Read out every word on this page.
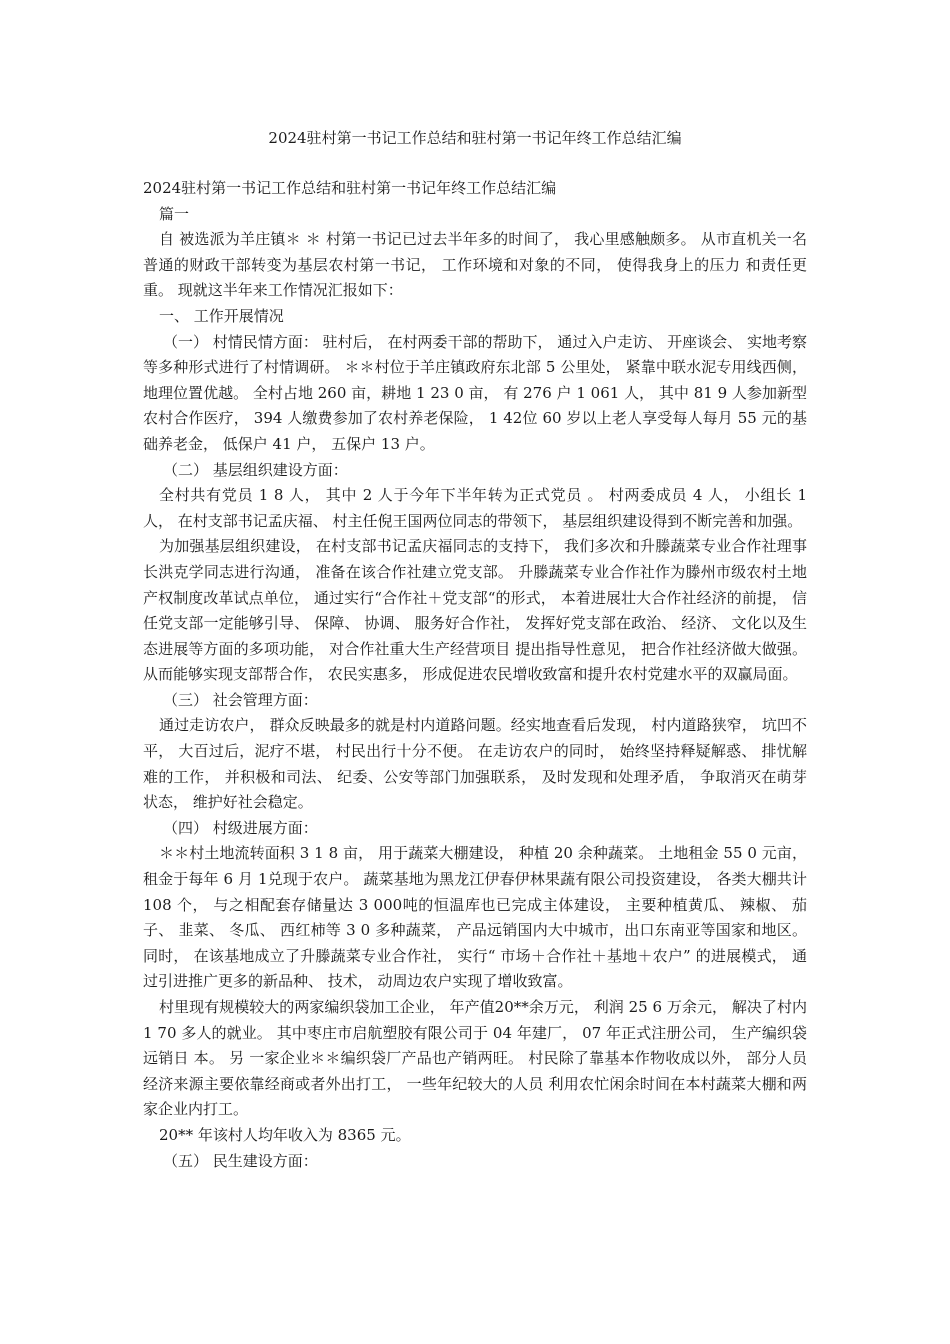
2024驻村第一书记工作总结和驻村第一书记年终工作总结汇编

2024驻村第一书记工作总结和驻村第一书记年终工作总结汇编

篇一

自 被选派为羊庄镇＊ ＊ 村第一书记已过去半年多的时间了， 我心里感触颇多。 从市直机关一名普通的财政干部转变为基层农村第一书记， 工作环境和对象的不同， 使得我身上的压力 和责任更重。 现就这半年来工作情况汇报如下：

一、 工作开展情况

（一） 村情民情方面： 驻村后， 在村两委干部的帮助下， 通过入户走访、 开座谈会、 实地考察等多种形式进行了村情调研。 ＊＊村位于羊庄镇政府东北部 5 公里处， 紧靠中联水泥专用线西侧， 地理位置优越。 全村占地 260 亩，耕地 1 23 0 亩， 有 276 户 1 061 人， 其中 81 9 人参加新型农村合作医疗， 394 人缴费参加了农村养老保险， 1 42位 60 岁以上老人享受每人每月 55 元的基础养老金， 低保户 41 户， 五保户 13 户。

（二） 基层组织建设方面：

全村共有党员 1 8 人， 其中 2 人于今年下半年转为正式党员 。 村两委成员 4 人， 小组长 1 人， 在村支部书记孟庆福、 村主任倪王国两位同志的带领下， 基层组织建设得到不断完善和加强。

为加强基层组织建设， 在村支部书记孟庆福同志的支持下， 我们多次和升滕蔬菜专业合作社理事长洪克学同志进行沟通， 准备在该合作社建立党支部。 升滕蔬菜专业合作社作为滕州市级农村土地产权制度改革试点单位， 通过实行“合作社＋党支部“的形式， 本着进展壮大合作社经济的前提， 信任党支部一定能够引导、 保障、 协调、 服务好合作社， 发挥好党支部在政治、 经济、 文化以及生态进展等方面的多项功能， 对合作社重大生产经营项目 提出指导性意见， 把合作社经济做大做强。 从而能够实现支部帮合作， 农民实惠多， 形成促进农民增收致富和提升农村党建水平的双赢局面。

（三） 社会管理方面：

通过走访农户， 群众反映最多的就是村内道路问题。经实地查看后发现， 村内道路狭窄， 坑凹不平， 大百过后，泥疗不堪， 村民出行十分不便。 在走访农户的同时， 始终坚持释疑解惑、 排忧解难的工作， 并积极和司法、 纪委、公安等部门加强联系， 及时发现和处理矛盾， 争取消灭在萌芽状态， 维护好社会稳定。

（四） 村级进展方面：

＊＊村土地流转面积 3 1 8 亩， 用于蔬菜大棚建设， 种植 20 余种蔬菜。 土地租金 55 0 元亩， 租金于每年 6 月 1兑现于农户。 蔬菜基地为黑龙江伊春伊林果蔬有限公司投资建设， 各类大棚共计 108 个， 与之相配套存储量达 3 000吨的恒温库也已完成主体建设， 主要种植黄瓜、 辣椒、 茄子、 韭菜、 冬瓜、 西红柿等 3 0 多种蔬菜， 产品远销国内大中城市，出口东南亚等国家和地区。 同时， 在该基地成立了升滕蔬菜专业合作社， 实行“ 市场＋合作社＋基地＋农户” 的进展模式， 通过引进推广更多的新品种、 技术， 动周边农户实现了增收致富。

村里现有规模较大的两家编织袋加工企业， 年产值20**余万元， 利润 25 6 万余元， 解决了村内 1 70 多人的就业。 其中枣庄市启航塑胶有限公司于 04 年建厂， 07 年正式注册公司， 生产编织袋远销日 本。 另 一家企业＊＊编织袋厂产品也产销两旺。 村民除了靠基本作物收成以外， 部分人员 经济来源主要依靠经商或者外出打工， 一些年纪较大的人员 利用农忙闲余时间在本村蔬菜大棚和两家企业内打工。

20** 年该村人均年收入为 8365 元。

（五） 民生建设方面：
